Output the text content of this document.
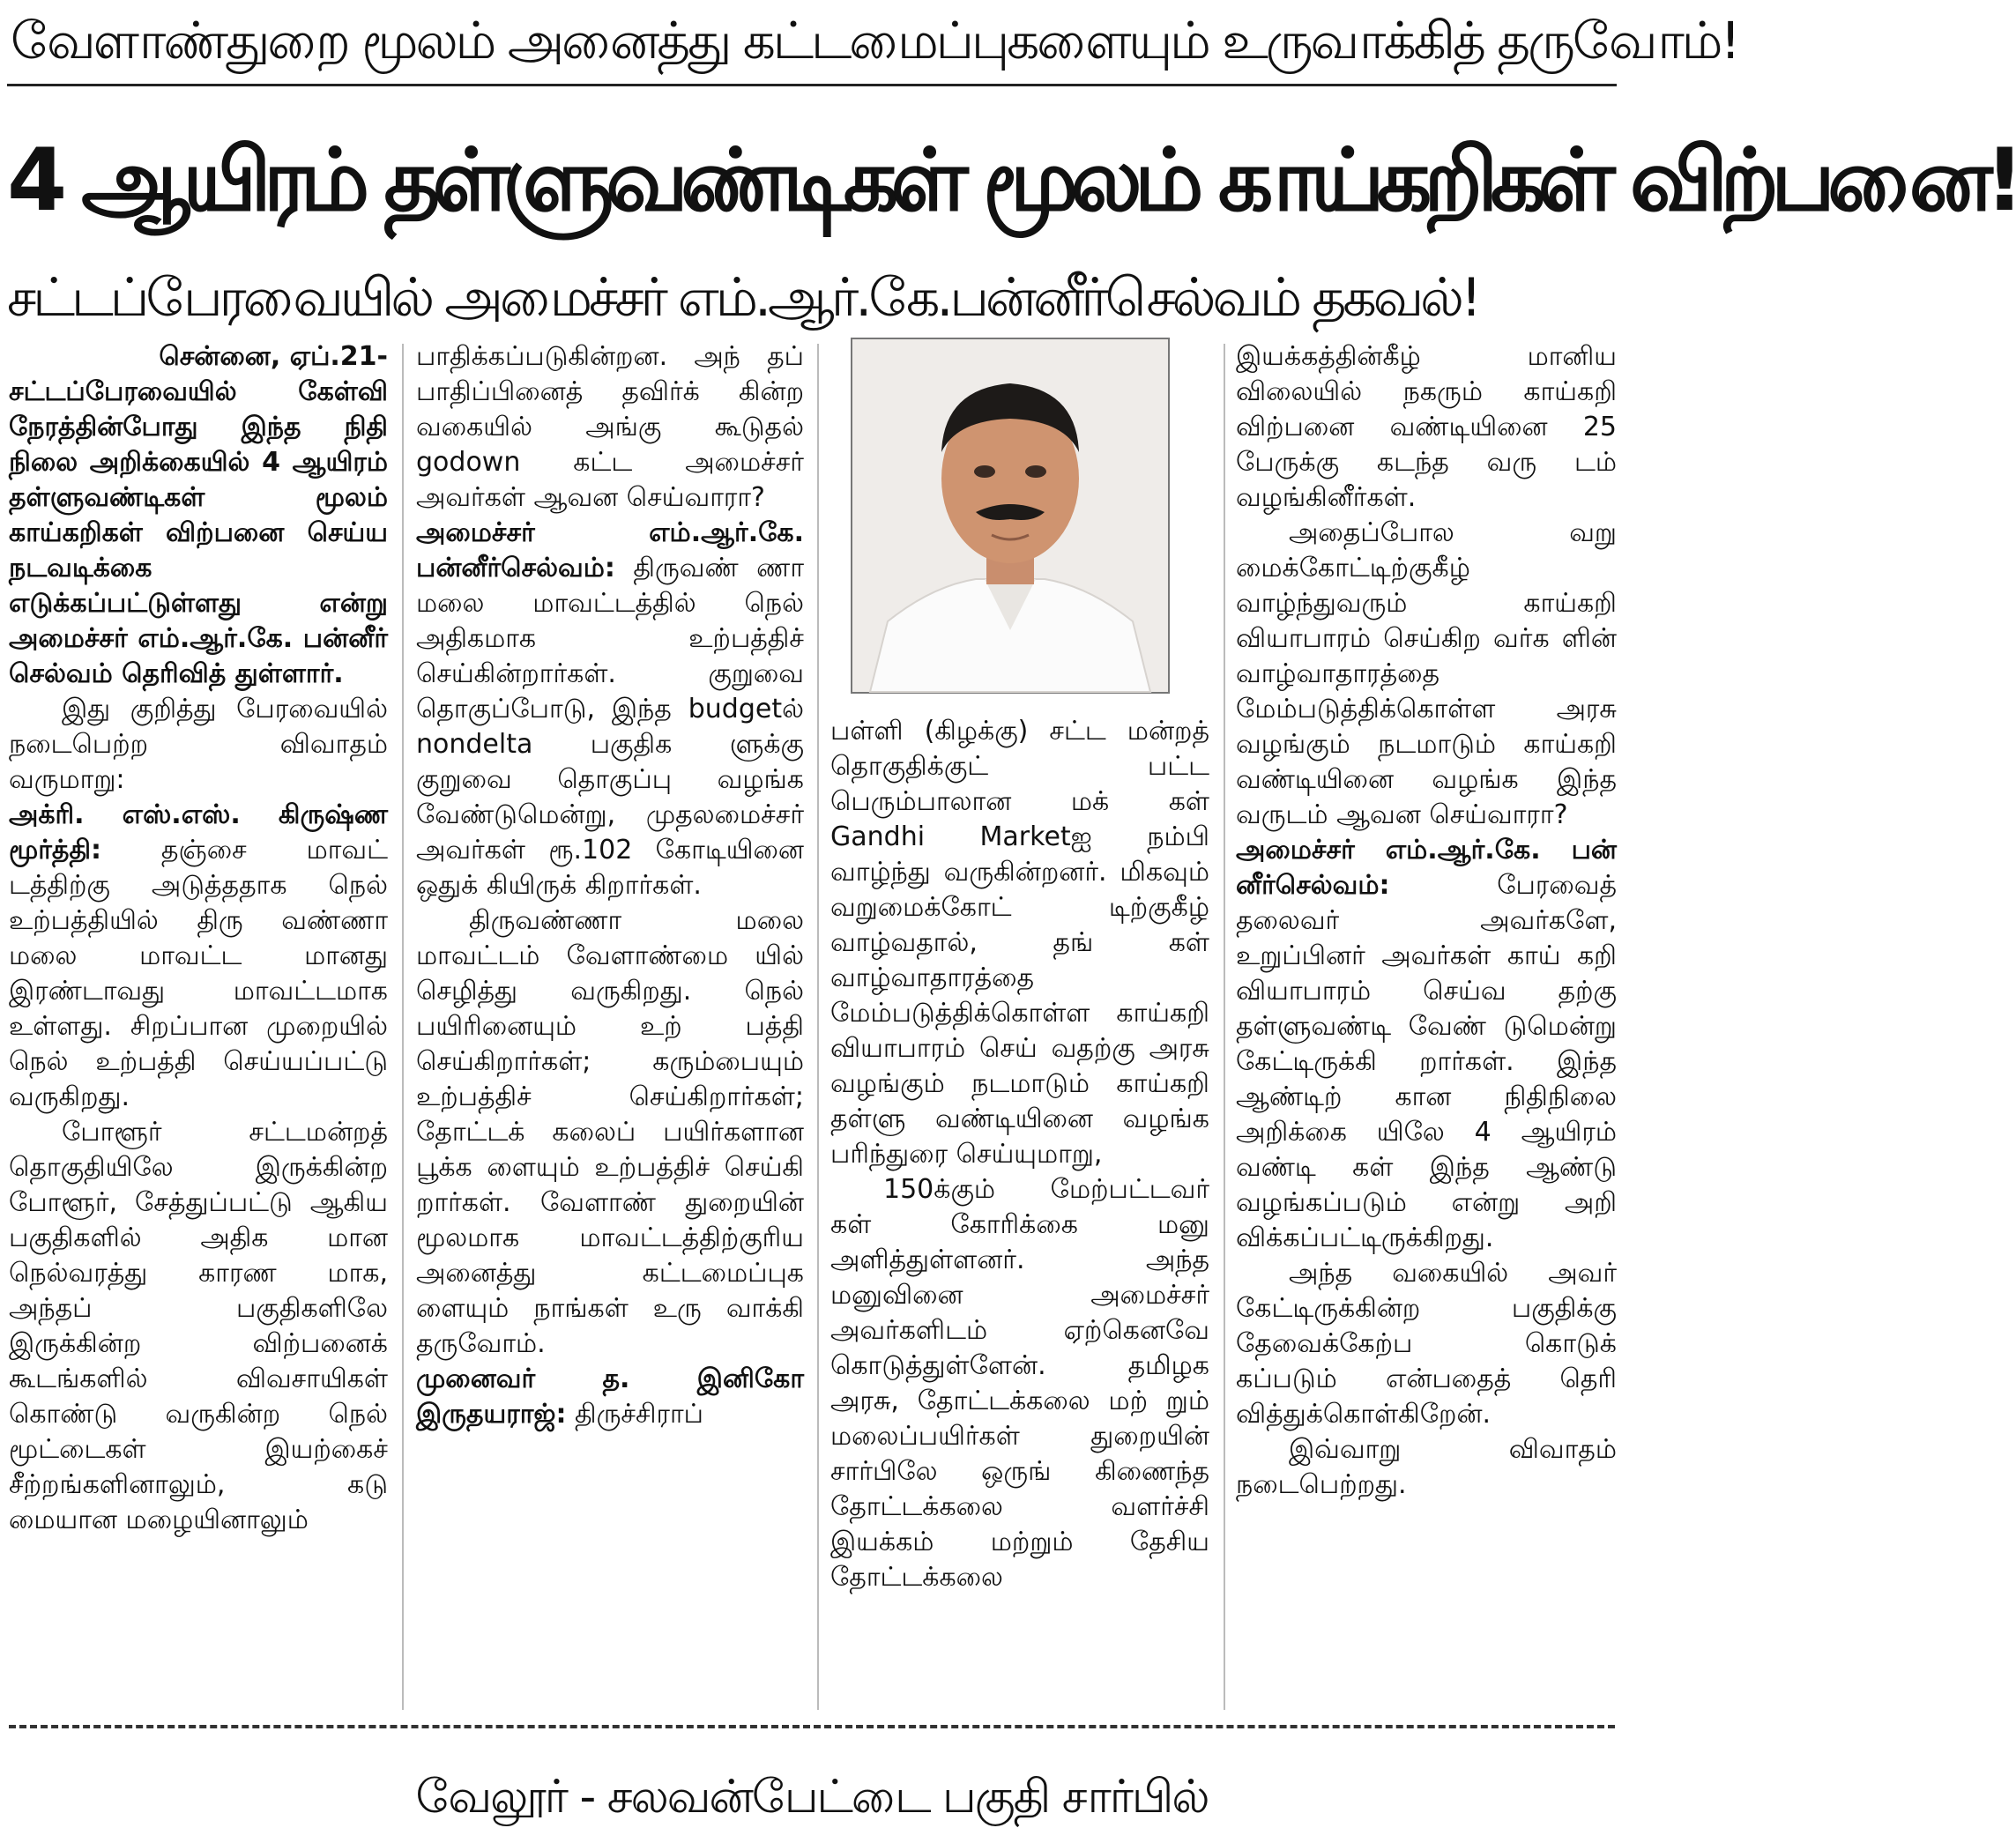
வேளாண்துறை மூலம் அனைத்து கட்டமைப்புகளையும் உருவாக்கித் தருவோம்!
4 ஆயிரம் தள்ளுவண்டிகள் மூலம் காய்கறிகள் விற்பனை!
சட்டப்பேரவையில் அமைச்சர் எம்.ஆர்.கே.பன்னீர்செல்வம் தகவல்!

சென்னை, ஏப்.21-

சட்டப்பேரவையில் கேள்வி நேரத்தின்போது இந்த நிதி நிலை அறிக்கையில் 4 ஆயிரம் தள்ளுவண்டிகள் மூலம் காய்கறிகள் விற்பனை செய்ய நடவடிக்கை எடுக்கப்பட்டுள்ளது என்று அமைச்சர் எம்.ஆர்.கே. பன்னீர் செல்வம் தெரிவித் துள்ளார்.

இது குறித்து பேரவையில் நடைபெற்ற விவாதம் வருமாறு:

அக்ரி. எஸ்.எஸ். கிருஷ்ண மூர்த்தி: தஞ்சை மாவட் டத்திற்கு அடுத்ததாக நெல் உற்பத்தியில் திரு வண்ணா மலை மாவட்ட மானது இரண்டாவது மாவட்டமாக உள்ளது. சிறப்பான முறையில் நெல் உற்பத்தி செய்யப்பட்டு வருகிறது.

போளூர் சட்டமன்றத் தொகுதியிலே இருக்கின்ற போளூர், சேத்துப்பட்டு ஆகிய பகுதிகளில் அதிக மான நெல்வரத்து காரண மாக, அந்தப் பகுதிகளிலே இருக்கின்ற விற்பனைக் கூடங்களில் விவசாயிகள் கொண்டு வருகின்ற நெல் மூட்டைகள் இயற்கைச் சீற்றங்களினாலும், கடு மையான மழையினாலும்

பாதிக்கப்படுகின்றன. அந் தப் பாதிப்பினைத் தவிர்க் கின்ற வகையில் அங்கு கூடுதல் godown கட்ட அமைச்சர் அவர்கள் ஆவன செய்வாரா?

அமைச்சர் எம்.ஆர்.கே. பன்னீர்செல்வம்: திருவண் ணா மலை மாவட்டத்தில் நெல் அதிகமாக உற்பத்திச் செய்கின்றார்கள். குறுவை தொகுப்போடு, இந்த budgetல் nondelta பகுதிக ளுக்கு குறுவை தொகுப்பு வழங்க வேண்டுமென்று, முதலமைச்சர் அவர்கள் ரூ.102 கோடியினை ஒதுக் கியிருக் கிறார்கள்.

திருவண்ணா மலை மாவட்டம் வேளாண்மை யில் செழித்து வருகிறது. நெல் பயிரினையும் உற் பத்தி செய்கிறார்கள்; கரும்பையும் உற்பத்திச் செய்கிறார்கள்; தோட்டக் கலைப் பயிர்களான பூக்க ளையும் உற்பத்திச் செய்கி றார்கள். வேளாண் துறையின் மூலமாக மாவட்டத்திற்குரிய அனைத்து கட்டமைப்புக ளையும் நாங்கள் உரு வாக்கி தருவோம்.

முனைவர் த. இனிகோ இருதயராஜ்: திருச்சிராப்

பள்ளி (கிழக்கு) சட்ட மன்றத் தொகுதிக்குட் பட்ட பெரும்பாலான மக் கள் Gandhi Marketஐ நம்பி வாழ்ந்து வருகின்றனர். மிகவும் வறுமைக்கோட் டிற்குகீழ் வாழ்வதால், தங் கள் வாழ்வாதாரத்தை மேம்படுத்திக்கொள்ள காய்கறி வியாபாரம் செய் வதற்கு அரசு வழங்கும் நடமாடும் காய்கறி தள்ளு வண்டியினை வழங்க பரிந்துரை செய்யுமாறு,

150க்கும் மேற்பட்டவர் கள் கோரிக்கை மனு அளித்துள்ளனர். அந்த மனுவினை அமைச்சர் அவர்களிடம் ஏற்கெனவே கொடுத்துள்ளேன். தமிழக அரசு, தோட்டக்கலை மற் றும் மலைப்பயிர்கள் துறையின் சார்பிலே ஒருங் கிணைந்த தோட்டக்கலை வளர்ச்சி இயக்கம் மற்றும் தேசிய தோட்டக்கலை

இயக்கத்தின்கீழ் மானிய விலையில் நகரும் காய்கறி விற்பனை வண்டியினை 25 பேருக்கு கடந்த வரு டம் வழங்கினீர்கள்.

அதைப்போல வறு மைக்கோட்டிற்குகீழ் வாழ்ந்துவரும் காய்கறி வியாபாரம் செய்கிற வர்க ளின் வாழ்வாதாரத்தை மேம்படுத்திக்கொள்ள அரசு வழங்கும் நடமாடும் காய்கறி வண்டியினை வழங்க இந்த வருடம் ஆவன செய்வாரா?

அமைச்சர் எம்.ஆர்.கே. பன் னீர்செல்வம்:	பேரவைத் தலைவர் அவர்களே, உறுப்பினர் அவர்கள் காய் கறி வியாபாரம் செய்வ தற்கு தள்ளுவண்டி வேண் டுமென்று கேட்டிருக்கி றார்கள். இந்த ஆண்டிற் கான நிதிநிலை அறிக்கை யிலே 4 ஆயிரம் வண்டி கள் இந்த ஆண்டு வழங்கப்படும் என்று அறி விக்கப்பட்டிருக்கிறது.

அந்த வகையில் அவர் கேட்டிருக்கின்ற பகுதிக்கு தேவைக்கேற்ப கொடுக் கப்படும் என்பதைத் தெரி வித்துக்கொள்கிறேன்.

இவ்வாறு விவாதம் நடைபெற்றது.

வேலூர் - சலவன்பேட்டை பகுதி சார்பில்
